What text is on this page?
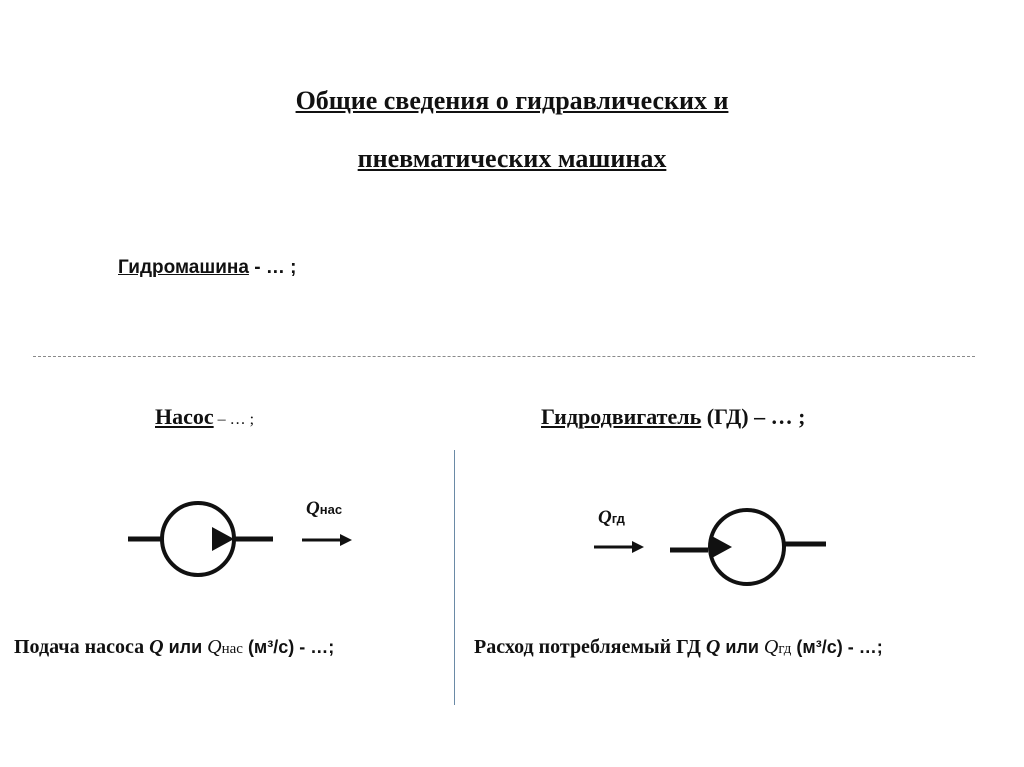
Общие сведения о гидравлических и
пневматических машинах
Гидромашина - … ;
Насос – … ;	Гидродвигатель (ГД) – … ;
Qнас	Qгд
Подача насоса Q или Qнас (м³/с) - …;	Расход потребляемый ГД Q или Qгд (м³/с) - …;
